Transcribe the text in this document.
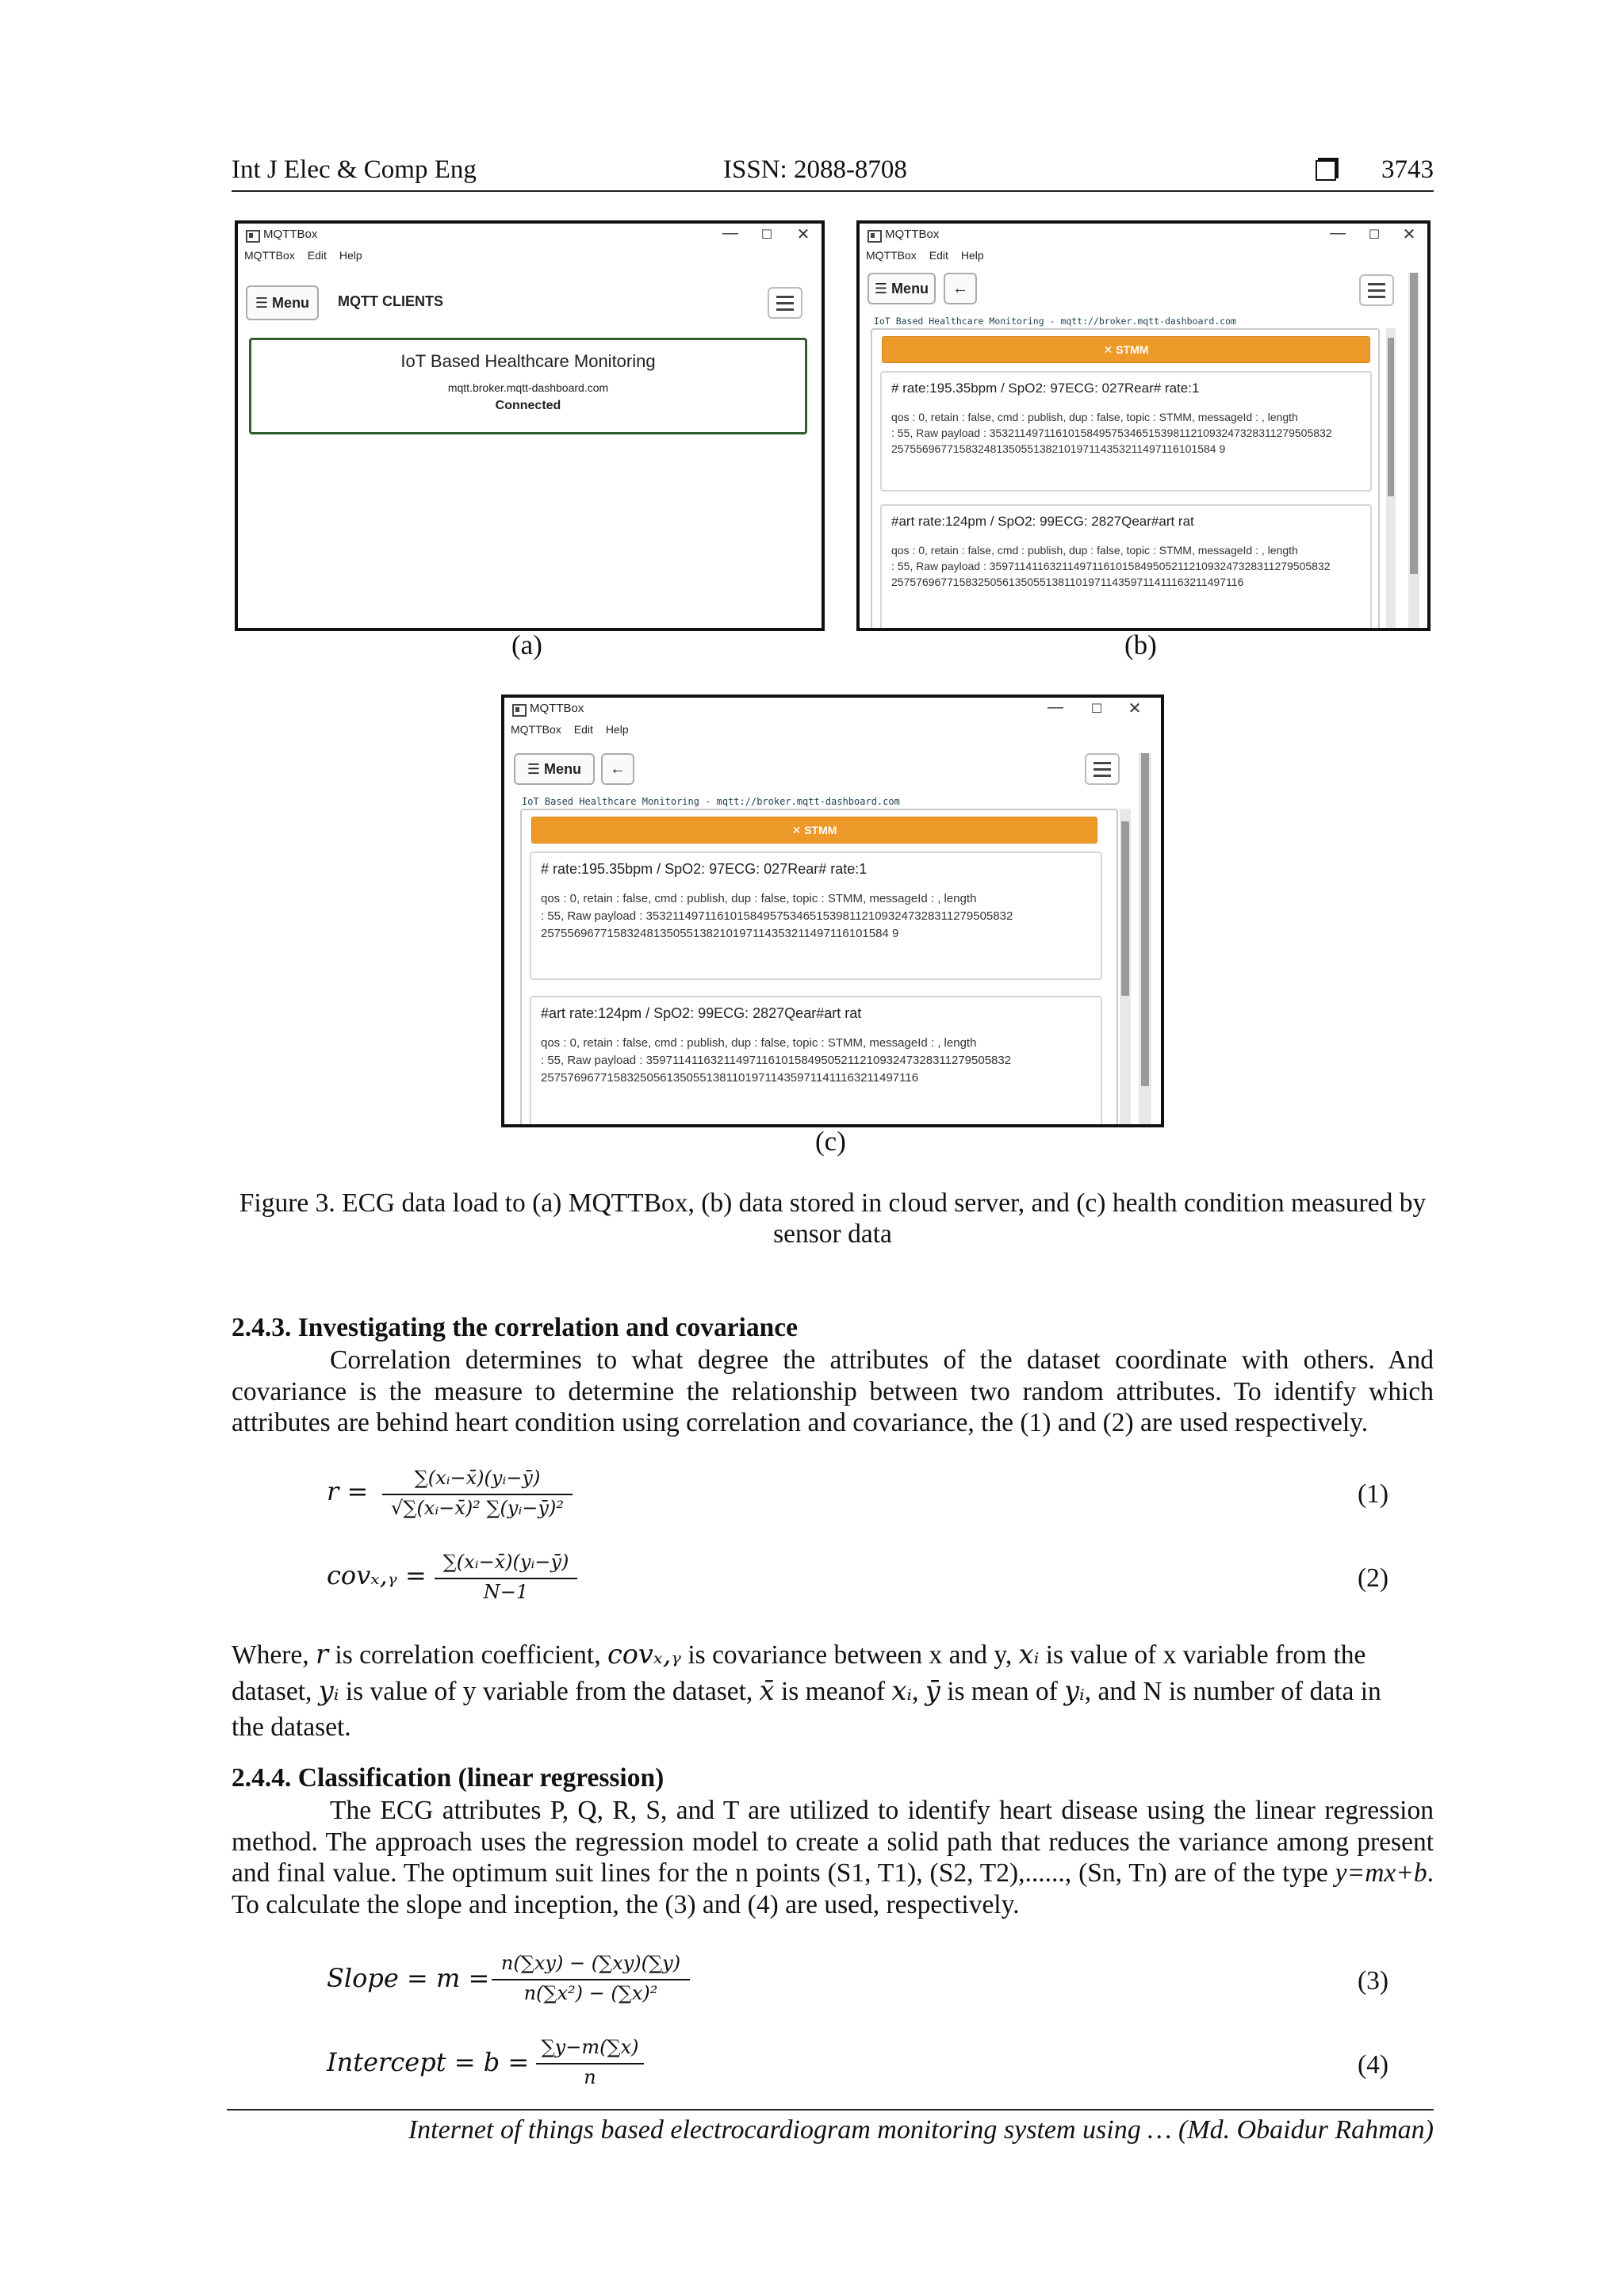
Int J Elec & Comp Eng	ISSN: 2088-8708	3743
MQTTBox	—	☐ ✕
MQTTBox Edit Help
☰ Menu	MQTT CLIENTS
IoT Based Healthcare Monitoring
mqtt.broker.mqtt-dashboard.com
Connected
(a)
MQTTBox	—	☐ ✕
MQTTBox Edit Help
☰ Menu	←
IoT Based Healthcare Monitoring - mqtt://broker.mqtt-dashboard.com
✕ STMM
# rate:195.35bpm / SpO2: 97ECG: 027Rear# rate:1
qos : 0, retain : false, cmd : publish, dup : false, topic : STMM, messageId : , length
: 55, Raw payload : 35321149711610158495753465153981121093247328311279505832
25755696771583248135055138210197114353211497116101584 9
#art rate:124pm / SpO2: 99ECG: 2827Qear#art rat
qos : 0, retain : false, cmd : publish, dup : false, topic : STMM, messageId : , length
: 55, Raw payload : 35971141163211497116101584950521121093247328311279505832
2575769677158325056135055138110197114359711411163211497116
(b)
MQTTBox	—	☐ ✕
MQTTBox Edit Help
☰ Menu	←
IoT Based Healthcare Monitoring - mqtt://broker.mqtt-dashboard.com
✕ STMM
# rate:195.35bpm / SpO2: 97ECG: 027Rear# rate:1
qos : 0, retain : false, cmd : publish, dup : false, topic : STMM, messageId : , length
: 55, Raw payload : 35321149711610158495753465153981121093247328311279505832
25755696771583248135055138210197114353211497116101584 9
#art rate:124pm / SpO2: 99ECG: 2827Qear#art rat
qos : 0, retain : false, cmd : publish, dup : false, topic : STMM, messageId : , length
: 55, Raw payload : 35971141163211497116101584950521121093247328311279505832
2575769677158325056135055138110197114359711411163211497116
(c)
Figure 3. ECG data load to (a) MQTTBox, (b) data stored in cloud server, and (c) health condition measured by sensor data
2.4.3. Investigating the correlation and covariance
Correlation determines to what degree the attributes of the dataset coordinate with others. And covariance is the measure to determine the relationship between two random attributes. To identify which attributes are behind heart condition using correlation and covariance, the (1) and (2) are used respectively.
r =	∑(xᵢ−x̄)(yᵢ−ȳ)
√∑(xᵢ−x̄)² ∑(yᵢ−ȳ)²	(1)
covₓ,ᵧ = ∑(xᵢ−x̄)(yᵢ−ȳ)
N−1	(2)
Where, r is correlation coefficient, covₓ,ᵧ is covariance between x and y, xᵢ is value of x variable from the
dataset, yᵢ is value of y variable from the dataset, x̄ is meanof xᵢ, ȳ is mean of yᵢ, and N is number of data in
the dataset.
2.4.4. Classification (linear regression)
The ECG attributes P, Q, R, S, and T are utilized to identify heart disease using the linear regression method. The approach uses the regression model to create a solid path that reduces the variance among present and final value. The optimum suit lines for the n points (S1, T1), (S2, T2),......, (Sn, Tn) are of the type y=mx+b. To calculate the slope and inception, the (3) and (4) are used, respectively.
Slope = m = n(∑xy) − (∑xy)(∑y)
n(∑x²) − (∑x)²	(3)
Intercept = b = ∑y−m(∑x)
n	(4)
Internet of things based electrocardiogram monitoring system using … (Md. Obaidur Rahman)
